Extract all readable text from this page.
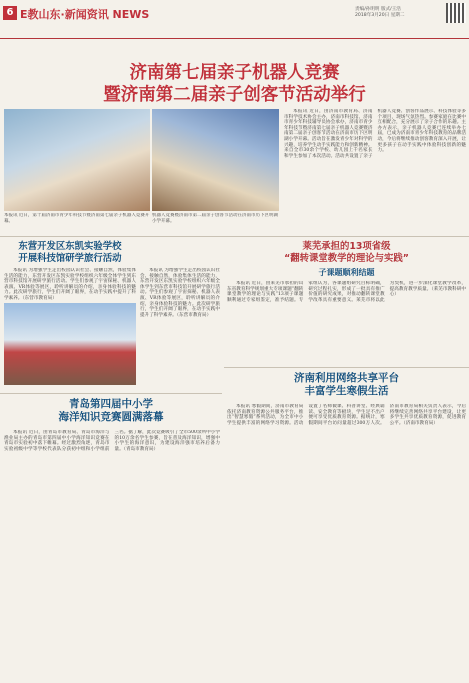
6 E教山东·新闻资讯 NEWS	责编/孙明明 版式/王浩
2018年3月20日 星期二
济南第七届亲子机器人竞赛
暨济南第二届亲子创客节活动举行
本报讯 近日，第十届济南市青少年科技节暨济南第七届亲子机器人竞赛开幕。
机器人竞赛暨济南市第二届亲子创客节活动在济南市历下区明湖小学开幕。

本报讯 近日，由济南市教育局、济南市科学技术协会主办，济南市科技馆、济南市青少年科技辅导员协会承办，济南市青少年科技节暨济南第七届亲子机器人竞赛暨济南第二届亲子创客节活动在济南市历下区明湖小学开幕。活动旨在激发青少年对科学的兴趣，培养学生动手实践能力和创新精神。来自全市30余个学校、幼儿园上千名家长和学生参加了本次活动。活动共设置了亲子机器人竞赛、创客作品展示、科技体验等多个项目，现场气氛热烈。参赛家庭在比赛中互相配合，充分展示了亲子合作的乐趣。主办方表示，亲子机器人竞赛已连续举办七届，已成为济南市青少年科技教育的品牌活动，今后将继续推动创客教育深入开展，让更多孩子在动手实践中体验科技创新的魅力。

东营开发区东凯实验学校
开展科技馆研学旅行活动

本报讯 为增强学生走出校园认识社会、接触自然，体验集体生活的能力，东营开发区东凯实验学校组织六年级全体学生到东营市科技馆开展研学旅行活动。学生们参观了宇宙探秘、机器人表演、VR体验等展区，聆听讲解员的介绍，亲身体验科技的魅力。此次研学旅行，学生们开阔了眼界，在动手实践中提升了科学素养。（东营市教育局）

本报讯 为增强学生走出校园认识社会、接触自然，体验集体生活的能力，东营开发区东凯实验学校组织六年级全体学生到东营市科技馆开展研学旅行活动。学生们参观了宇宙探秘、机器人表演、VR体验等展区，聆听讲解员的介绍，亲身体验科技的魅力。此次研学旅行，学生们开阔了眼界，在动手实践中提升了科学素养。（东营市教育局）

青岛第四届中小学
海洋知识竞赛圆满落幕

本报讯 近日，由青岛市教育局、青岛市海洋与渔业局主办的青岛市第四届中小学海洋知识竞赛在青岛市实验初中落下帷幕。经过激烈角逐，青岛市实验初级中学等学校代表队分获初中组和小学组前三名。据了解，此次竞赛吸引了全市500余所中小学的10万余名学生参赛，旨在普及海洋知识，增强中小学生的海洋意识，为建设海洋强市培养后备力量。（青岛市教育局）

莱芜承担的13项省级
“翻转课堂教学的理论与实践”
子课题顺利结题

本报讯 近日，由莱芜市承担的山东省教育科学规划重大专项课题“翻转课堂教学的理论与实践”13项子课题顺利通过专家组鉴定，准予结题。专家组认为，各课题组研究目标明确，研究过程扎实，形成了一批具有推广价值的研究成果，对推动翻转课堂教学改革具有重要意义。莱芜市将以此为契机，进一步深化课堂教学改革，提高教育教学质量。（莱芜市教科研中心）

济南利用网络共享平台
丰富学生寒假生活

本报讯 寒假期间，济南市教育局依托济南教育资源公共服务平台，推出“智慧寒假”系列活动，为全市中小学生提供丰富的网络学习资源。活动设置了名师微课、科普讲堂、经典诵读、安全教育等板块，学生足不出户便可享受优质教育资源。据统计，寒假期间平台访问量超过300万人次。济南市教育局相关负责人表示，今后将继续完善网络共享平台建设，让更多学生共享优质教育资源，促进教育公平。（济南市教育局）
